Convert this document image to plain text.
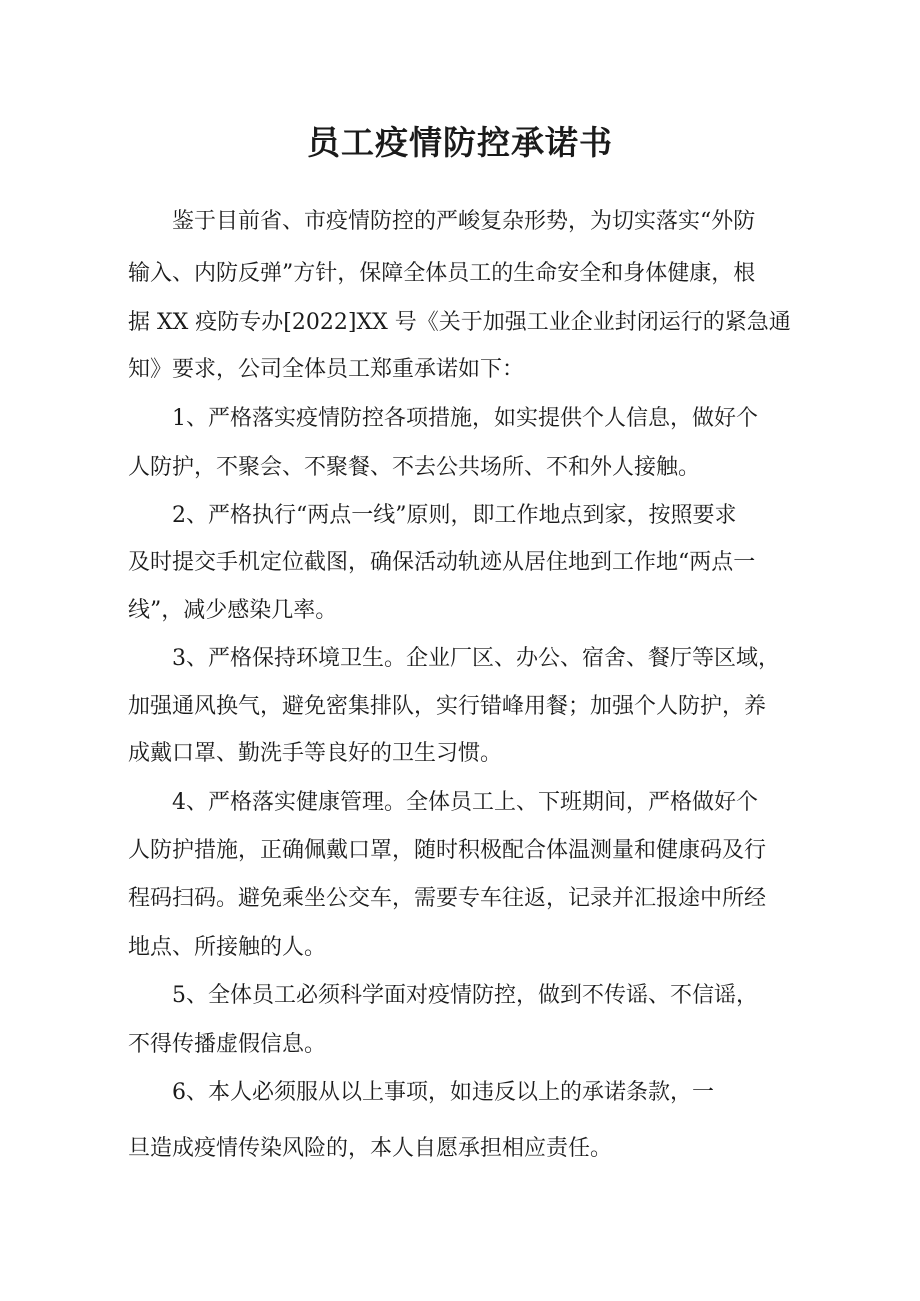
员工疫情防控承诺书

鉴于目前省、市疫情防控的严峻复杂形势，为切实落实“外防

输入、内防反弹”方针，保障全体员工的生命安全和身体健康，根

据 XX 疫防专办[2022]XX 号《关于加强工业企业封闭运行的紧急通

知》要求，公司全体员工郑重承诺如下：

1、严格落实疫情防控各项措施，如实提供个人信息，做好个

人防护，不聚会、不聚餐、不去公共场所、不和外人接触。

2、严格执行“两点一线”原则，即工作地点到家，按照要求

及时提交手机定位截图，确保活动轨迹从居住地到工作地“两点一

线”，减少感染几率。

3、严格保持环境卫生。企业厂区、办公、宿舍、餐厅等区域，

加强通风换气，避免密集排队，实行错峰用餐；加强个人防护，养

成戴口罩、勤洗手等良好的卫生习惯。

4、严格落实健康管理。全体员工上、下班期间，严格做好个

人防护措施，正确佩戴口罩，随时积极配合体温测量和健康码及行

程码扫码。避免乘坐公交车，需要专车往返，记录并汇报途中所经

地点、所接触的人。

5、全体员工必须科学面对疫情防控，做到不传谣、不信谣，

不得传播虚假信息。

6、本人必须服从以上事项，如违反以上的承诺条款，一

旦造成疫情传染风险的，本人自愿承担相应责任。
